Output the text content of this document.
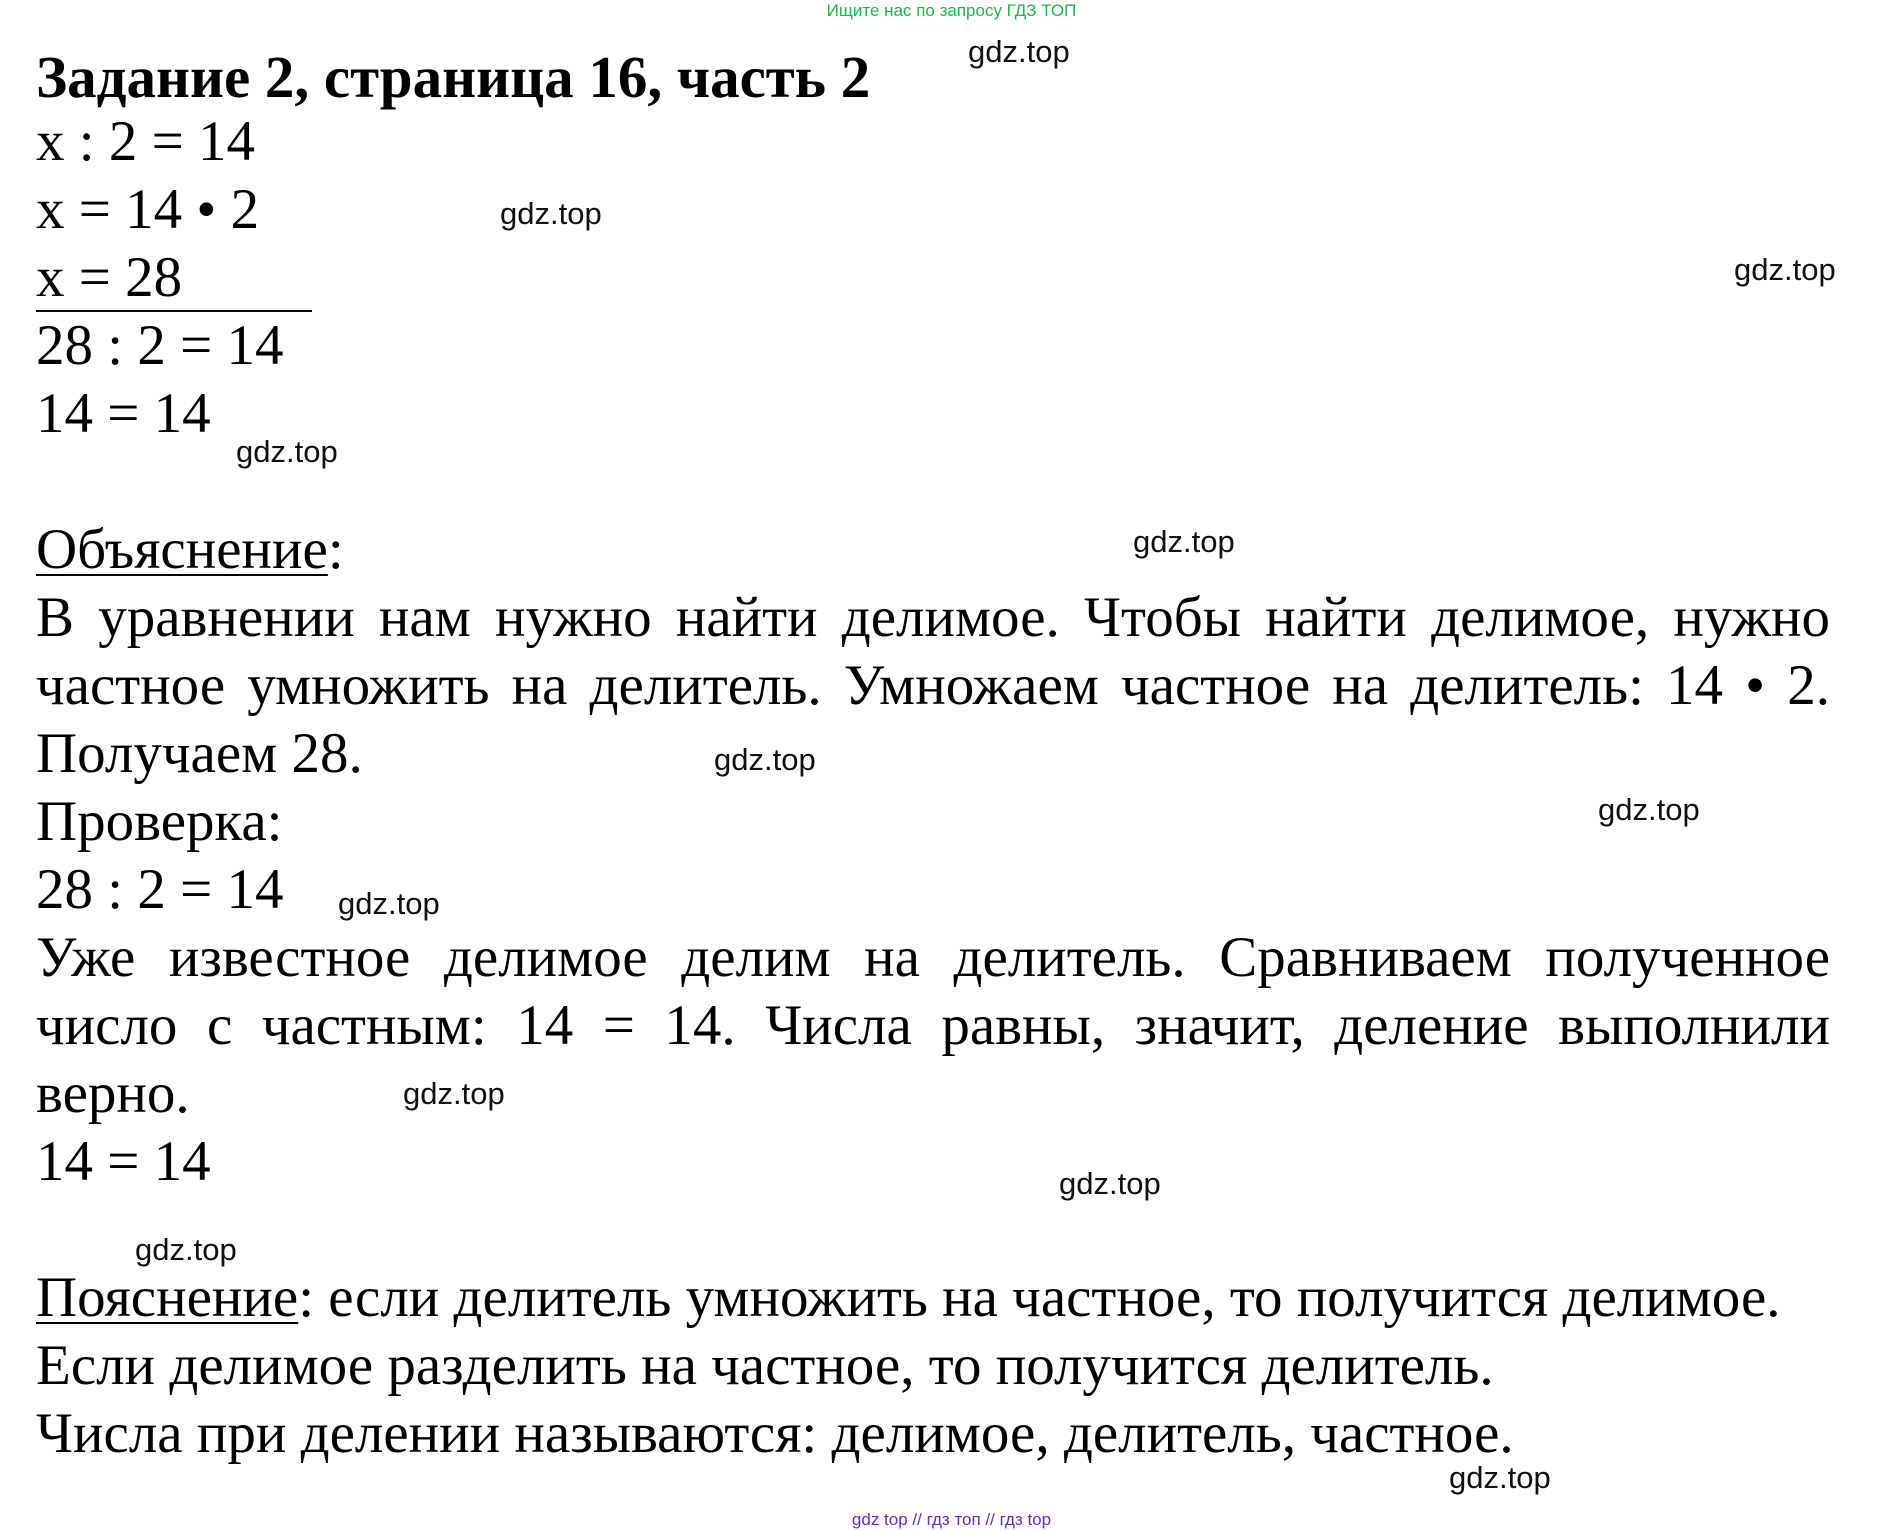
Ищите нас по запросу ГДЗ ТОП
Задание 2, страница 16, часть 2
x : 2 = 14
x = 14 • 2
x = 28
28 : 2 = 14
14 = 14
Объяснение:
В уравнении нам нужно найти делимое. Чтобы найти делимое, нужно частное умножить на делитель. Умножаем частное на делитель: 14 • 2. Получаем 28.
Проверка:
28 : 2 = 14
Уже известное делимое делим на делитель. Сравниваем полученное число с частным: 14 = 14. Числа равны, значит, деление выполнили верно.
14 = 14
Пояснение: если делитель умножить на частное, то получится делимое.
Если делимое разделить на частное, то получится делитель.
Числа при делении называются: делимое, делитель, частное.
gdz.top
gdz.top
gdz.top
gdz.top
gdz.top
gdz.top
gdz.top
gdz.top
gdz.top
gdz.top
gdz.top
gdz.top
gdz top // гдз топ // гдз top
